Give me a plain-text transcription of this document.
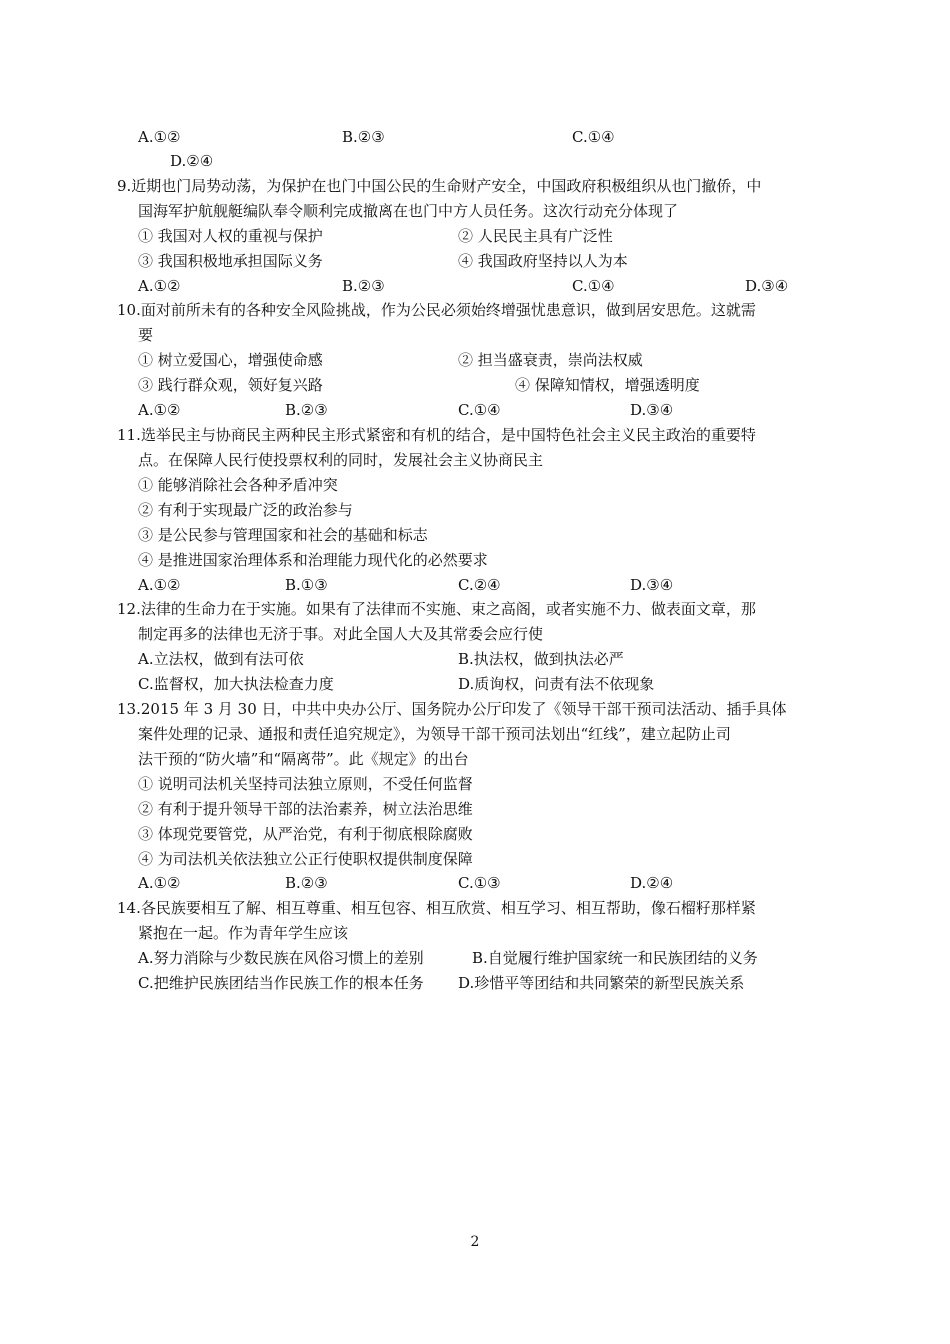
A.①②	B.②③	C.①④
D.②④
9.近期也门局势动荡，为保护在也门中国公民的生命财产安全，中国政府积极组织从也门撤侨，中
国海军护航舰艇编队奉令顺利完成撤离在也门中方人员任务。这次行动充分体现了
① 我国对人权的重视与保护	② 人民民主具有广泛性
③ 我国积极地承担国际义务	④ 我国政府坚持以人为本
A.①②	B.②③	C.①④	D.③④
10.面对前所未有的各种安全风险挑战，作为公民必须始终增强忧患意识，做到居安思危。这就需
要
① 树立爱国心，增强使命感	② 担当盛衰责，崇尚法权威
③ 践行群众观，领好复兴路	④ 保障知情权，增强透明度
A.①②	B.②③	C.①④	D.③④
11.选举民主与协商民主两种民主形式紧密和有机的结合，是中国特色社会主义民主政治的重要特
点。在保障人民行使投票权利的同时，发展社会主义协商民主
① 能够消除社会各种矛盾冲突
② 有利于实现最广泛的政治参与
③ 是公民参与管理国家和社会的基础和标志
④ 是推进国家治理体系和治理能力现代化的必然要求
A.①②	B.①③	C.②④	D.③④
12.法律的生命力在于实施。如果有了法律而不实施、束之高阁，或者实施不力、做表面文章，那
制定再多的法律也无济于事。对此全国人大及其常委会应行使
A.立法权，做到有法可依	B.执法权，做到执法必严
C.监督权，加大执法检查力度	D.质询权，问责有法不依现象
13.2015 年 3 月 30 日，中共中央办公厅、国务院办公厅印发了《领导干部干预司法活动、插手具体
案件处理的记录、通报和责任追究规定》，为领导干部干预司法划出“红线”，建立起防止司
法干预的“防火墙”和“隔离带”。此《规定》的出台
① 说明司法机关坚持司法独立原则，不受任何监督
② 有利于提升领导干部的法治素养，树立法治思维
③ 体现党要管党，从严治党，有利于彻底根除腐败
④ 为司法机关依法独立公正行使职权提供制度保障
A.①②	B.②③	C.①③	D.②④
14.各民族要相互了解、相互尊重、相互包容、相互欣赏、相互学习、相互帮助，像石榴籽那样紧
紧抱在一起。作为青年学生应该
A.努力消除与少数民族在风俗习惯上的差别	B.自觉履行维护国家统一和民族团结的义务
C.把维护民族团结当作民族工作的根本任务 D.珍惜平等团结和共同繁荣的新型民族关系
2
